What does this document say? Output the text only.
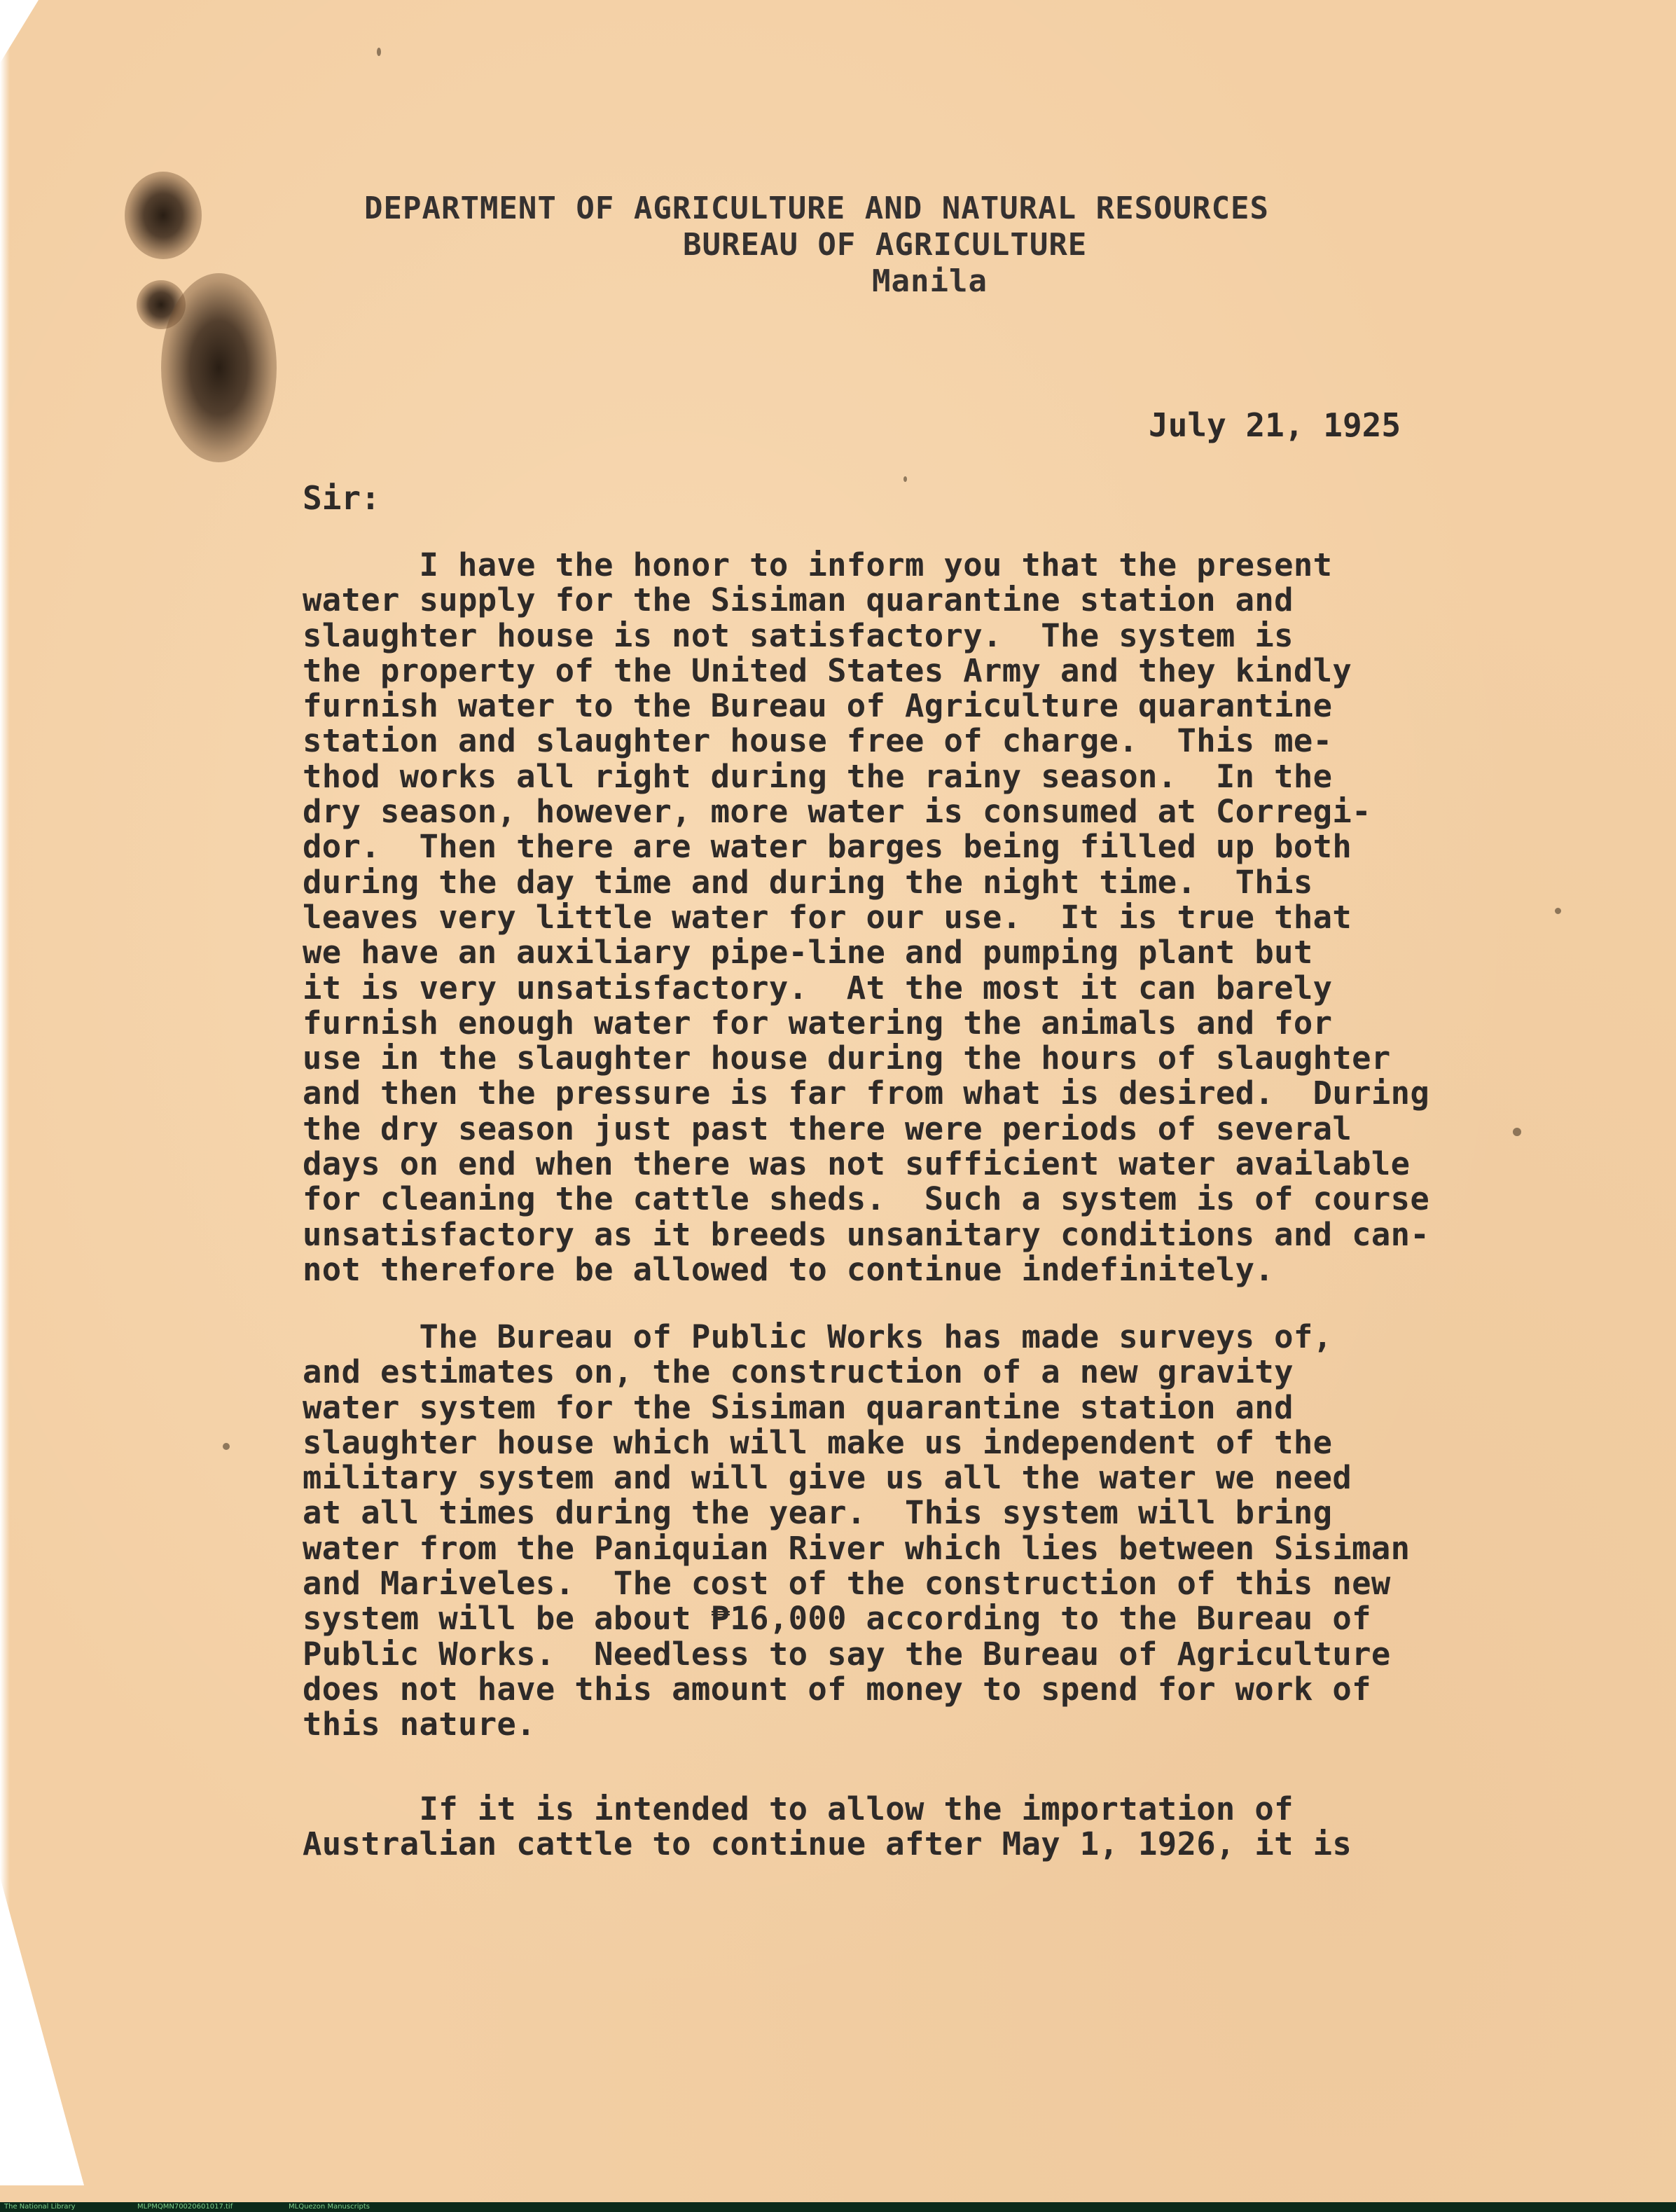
DEPARTMENT OF AGRICULTURE AND NATURAL RESOURCES
BUREAU OF AGRICULTURE
Manila
July 21, 1925
Sir:
I have the honor to inform you that the present
water supply for the Sisiman quarantine station and
slaughter house is not satisfactory.  The system is
the property of the United States Army and they kindly
furnish water to the Bureau of Agriculture quarantine
station and slaughter house free of charge.  This me-
thod works all right during the rainy season.  In the
dry season, however, more water is consumed at Corregi-
dor.  Then there are water barges being filled up both
during the day time and during the night time.  This
leaves very little water for our use.  It is true that
we have an auxiliary pipe-line and pumping plant but
it is very unsatisfactory.  At the most it can barely
furnish enough water for watering the animals and for
use in the slaughter house during the hours of slaughter
and then the pressure is far from what is desired.  During
the dry season just past there were periods of several
days on end when there was not sufficient water available
for cleaning the cattle sheds.  Such a system is of course
unsatisfactory as it breeds unsanitary conditions and can-
not therefore be allowed to continue indefinitely.
The Bureau of Public Works has made surveys of,
and estimates on, the construction of a new gravity
water system for the Sisiman quarantine station and
slaughter house which will make us independent of the
military system and will give us all the water we need
at all times during the year.  This system will bring
water from the Paniquian River which lies between Sisiman
and Mariveles.  The cost of the construction of this new
system will be about ₱16,000 according to the Bureau of
Public Works.  Needless to say the Bureau of Agriculture
does not have this amount of money to spend for work of
this nature.
If it is intended to allow the importation of
Australian cattle to continue after May 1, 1926, it is
The National Library	MLPMQMN70020601017.tif	MLQuezon Manuscripts
